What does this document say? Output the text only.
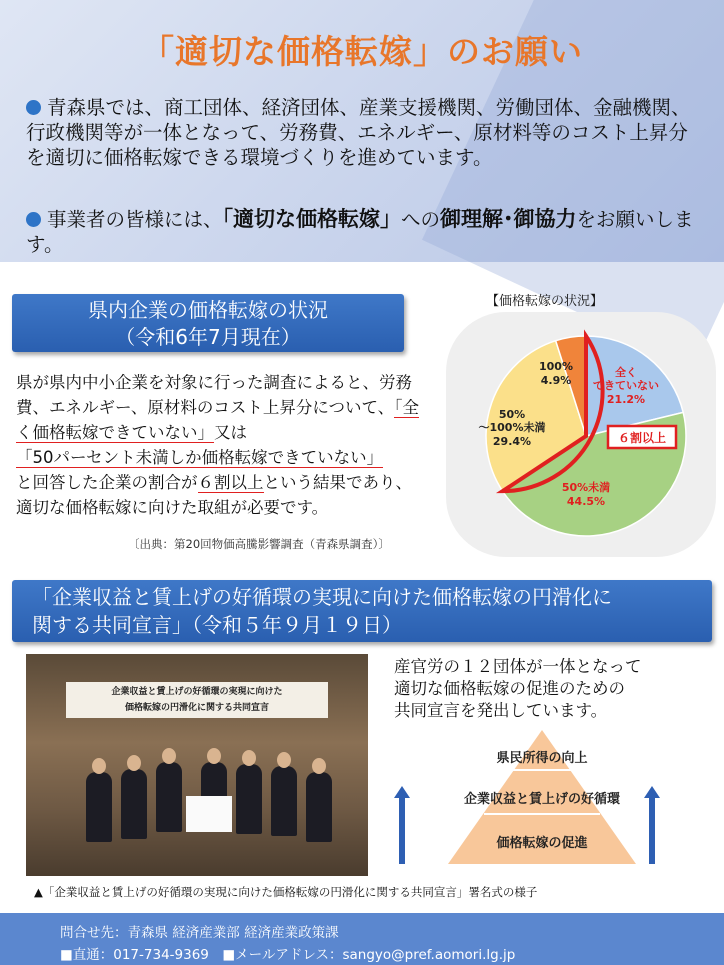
「適切な価格転嫁」のお願い
青森県では、商工団体、経済団体、産業支援機関、労働団体、金融機関、行政機関等が一体となって、労務費、エネルギー、原材料等のコスト上昇分を適切に価格転嫁できる環境づくりを進めています。
事業者の皆様には、「適切な価格転嫁」への御理解･御協力をお願いします。
県内企業の価格転嫁の状況
（令和6年7月現在）
県が県内中小企業を対象に行った調査によると、労務費、エネルギー、原材料のコスト上昇分について、「全く価格転嫁できていない」又は
「50パーセント未満しか価格転嫁できていない」
と回答した企業の割合が６割以上という結果であり、適切な価格転嫁に向けた取組が必要です。
〔出典：第20回物価高騰影響調査（青森県調査）〕
【価格転嫁の状況】
全くできていない 21.2%
50%未満 44.5%
50%～100%未満 29.4%
100% 4.9%
６割以上
「企業収益と賃上げの好循環の実現に向けた価格転嫁の円滑化に
関する共同宣言」（令和５年９月１９日）
企業収益と賃上げの好循環の実現に向けた
価格転嫁の円滑化に関する共同宣言
▲「企業収益と賃上げの好循環の実現に向けた価格転嫁の円滑化に関する共同宣言」署名式の様子
産官労の１２団体が一体となって
適切な価格転嫁の促進のための
共同宣言を発出しています。
県民所得の向上
企業収益と賃上げの好循環
価格転嫁の促進
問合せ先：青森県 経済産業部 経済産業政策課
■直通：017-734-9369　■メールアドレス：sangyo@pref.aomori.lg.jp
